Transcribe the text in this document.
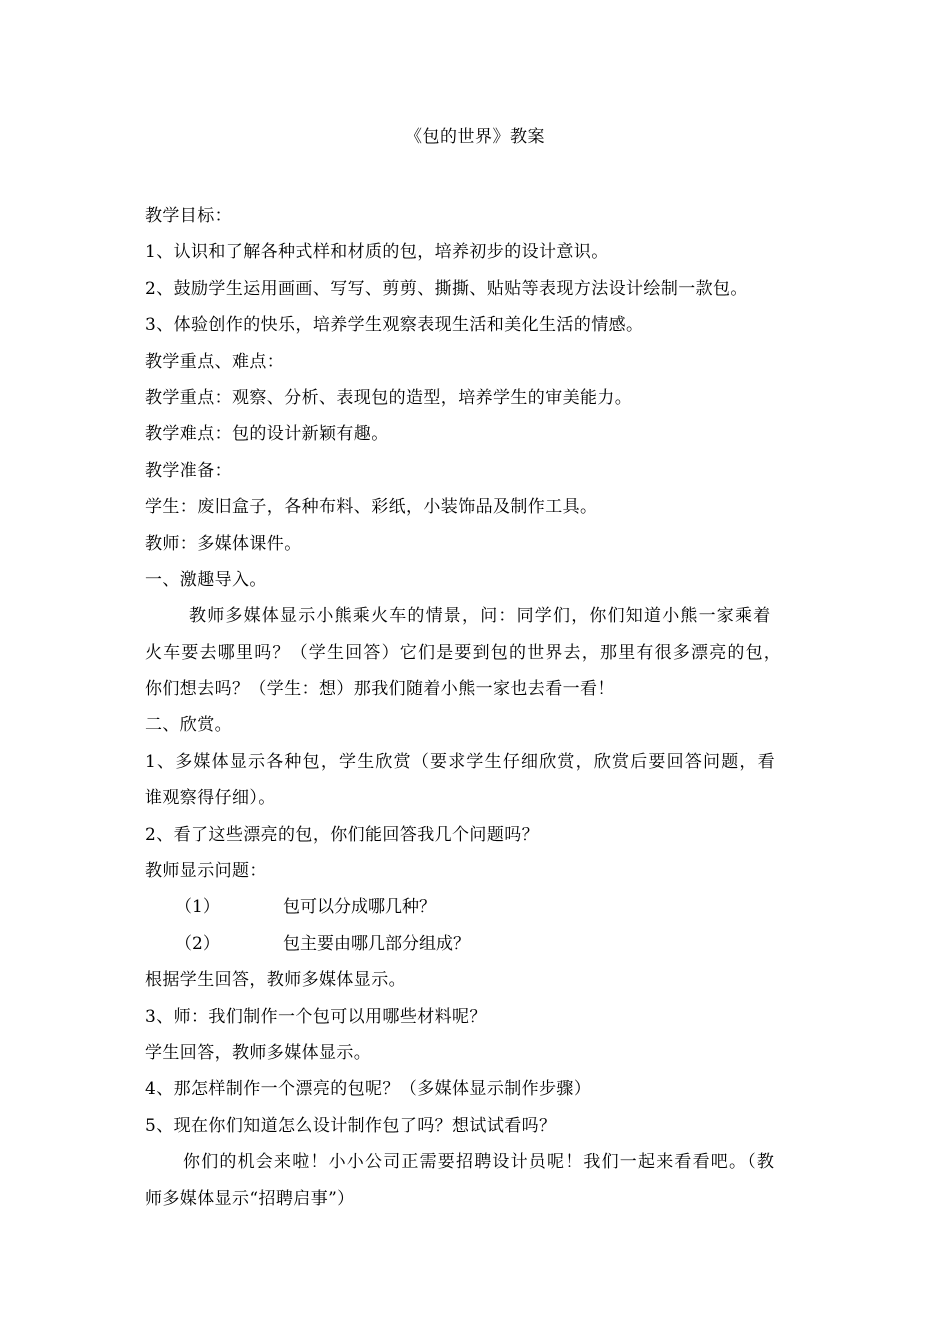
《包的世界》教案
教学目标：
1、认识和了解各种式样和材质的包，培养初步的设计意识。
2、鼓励学生运用画画、写写、剪剪、撕撕、贴贴等表现方法设计绘制一款包。
3、体验创作的快乐，培养学生观察表现生活和美化生活的情感。
教学重点、难点：
教学重点：观察、分析、表现包的造型，培养学生的审美能力。
教学难点：包的设计新颖有趣。
教学准备：
学生：废旧盒子，各种布料、彩纸，小装饰品及制作工具。
教师：多媒体课件。
一、激趣导入。
教师多媒体显示小熊乘火车的情景，问：同学们，你们知道小熊一家乘着
火车要去哪里吗？（学生回答）它们是要到包的世界去，那里有很多漂亮的包，
你们想去吗？（学生：想）那我们随着小熊一家也去看一看！
二、欣赏。
1、多媒体显示各种包，学生欣赏（要求学生仔细欣赏，欣赏后要回答问题，看
谁观察得仔细）。
2、看了这些漂亮的包，你们能回答我几个问题吗？
教师显示问题：
（1）	包可以分成哪几种？
（2）	包主要由哪几部分组成？
根据学生回答，教师多媒体显示。
3、师：我们制作一个包可以用哪些材料呢？
学生回答，教师多媒体显示。
4、那怎样制作一个漂亮的包呢？（多媒体显示制作步骤）
5、现在你们知道怎么设计制作包了吗？想试试看吗？
你们的机会来啦！小小公司正需要招聘设计员呢！我们一起来看看吧。（教
师多媒体显示“招聘启事”）
